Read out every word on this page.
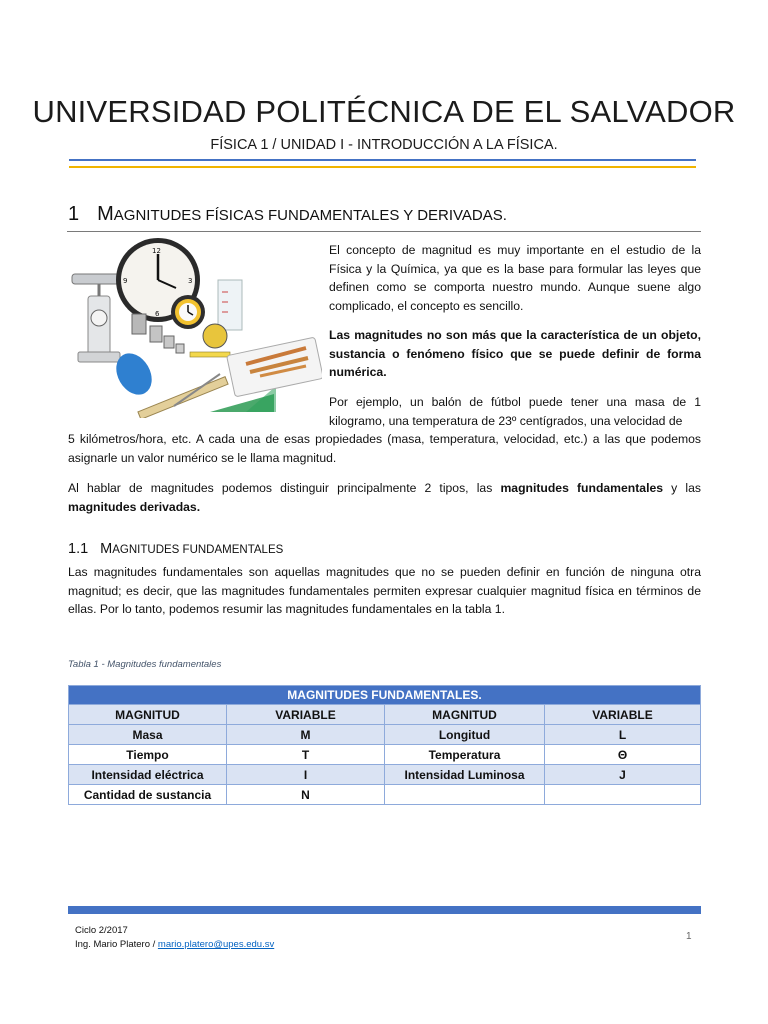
UNIVERSIDAD POLITÉCNICA DE EL SALVADOR
FÍSICA 1 / UNIDAD I - INTRODUCCIÓN A LA FÍSICA.
1 MAGNITUDES FÍSICAS FUNDAMENTALES Y DERIVADAS.
12
3
6
9

El concepto de magnitud es muy importante en el estudio de la Física y la Química, ya que es la base para formular las leyes que definen como se comporta nuestro mundo. Aunque suene algo complicado, el concepto es sencillo.

Las magnitudes no son más que la característica de un objeto, sustancia o fenómeno físico que se puede definir de forma numérica.

Por ejemplo, un balón de fútbol puede tener una masa de 1 kilogramo, una temperatura de 23º centígrados, una velocidad de

5 kilómetros/hora, etc. A cada una de esas propiedades (masa, temperatura, velocidad, etc.) a las que podemos asignarle un valor numérico se le llama magnitud.

Al hablar de magnitudes podemos distinguir principalmente 2 tipos, las magnitudes fundamentales y las magnitudes derivadas.

1.1 MAGNITUDES FUNDAMENTALES

Las magnitudes fundamentales son aquellas magnitudes que no se pueden definir en función de ninguna otra magnitud; es decir, que las magnitudes fundamentales permiten expresar cualquier magnitud física en términos de ellas. Por lo tanto, podemos resumir las magnitudes fundamentales en la tabla 1.

Tabla 1 - Magnitudes fundamentales
MAGNITUDES FUNDAMENTALES.			
MAGNITUD	VARIABLE	MAGNITUD	VARIABLE
Masa	M	Longitud	L
Tiempo	T	Temperatura	Θ
Intensidad eléctrica	I	Intensidad Luminosa	J
Cantidad de sustancia	N		
Ciclo 2/2017
Ing. Mario Platero / mario.platero@upes.edu.sv
1
